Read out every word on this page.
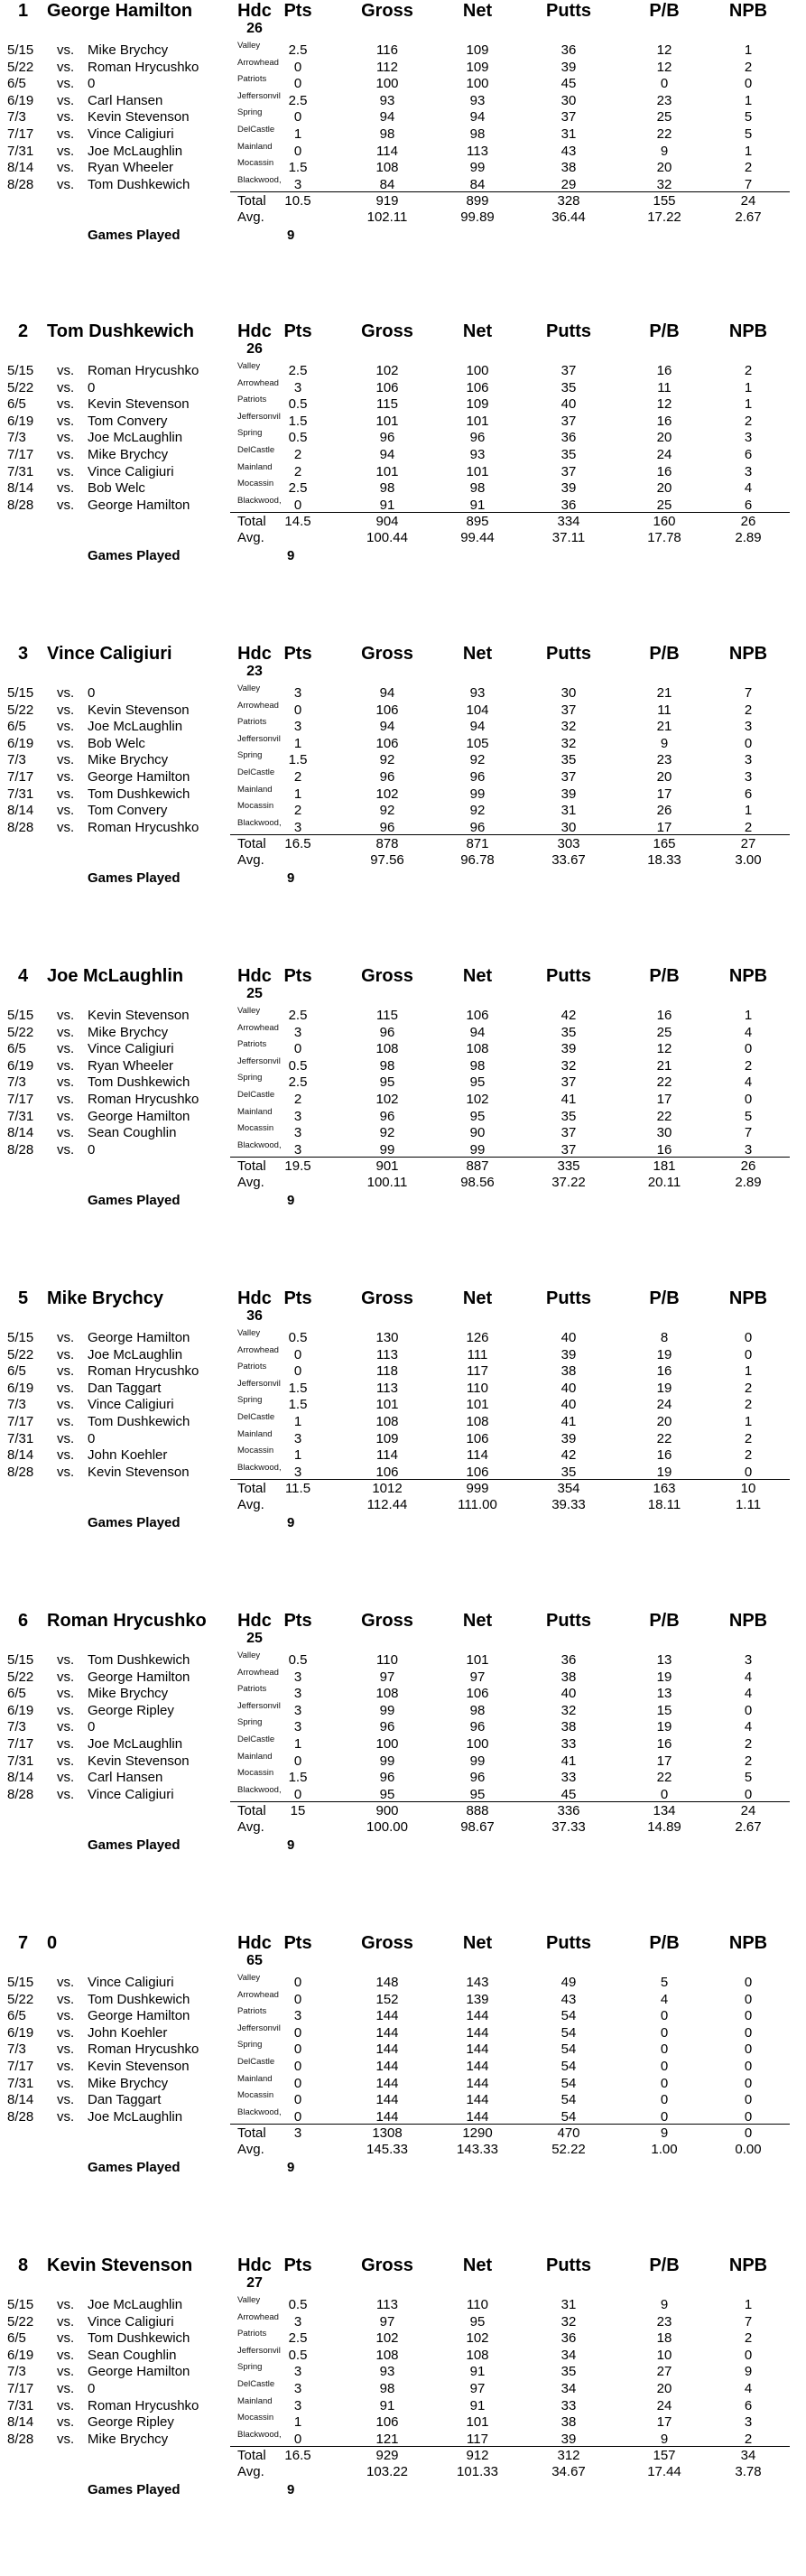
1 George Hamilton	Hdc
26
Pts	Gross	Net	Putts	P/B	NPB
5/15 vs. Mike Brychcy	Valley	2.5	116	109	36	12	1
5/22 vs. Roman Hrycushko	Arrowhead	0	112	109	39	12	2
6/5 vs. 0	Patriots	0	100	100	45	0	0
6/19 vs. Carl Hansen	Jeffersonvil 2.5	93	93	30	23	1
7/3 vs. Kevin Stevenson	Spring	0	94	94	37	25	5
7/17 vs. Vince Caligiuri	DelCastle	1	98	98	31	22	5
7/31 vs. Joe McLaughlin	Mainland	0	114	113	43	9	1
8/14 vs. Ryan Wheeler	Mocassin	1.5	108	99	38	20	2
8/28 vs. Tom Dushkewich	Blackwood, 3	84	84	29	32	7
Total	10.5	919	899	328	155	24
Avg.	102.11	99.89	36.44	17.22	2.67
Games Played	9
2 Tom Dushkewich	Hdc
26
Pts	Gross	Net	Putts	P/B	NPB
5/15 vs. Roman Hrycushko	Valley	2.5	102	100	37	16	2
5/22 vs. 0	Arrowhead	3	106	106	35	11	1
6/5 vs. Kevin Stevenson	Patriots	0.5	115	109	40	12	1
6/19 vs. Tom Convery	Jeffersonvil 1.5	101	101	37	16	2
7/3 vs. Joe McLaughlin	Spring	0.5	96	96	36	20	3
7/17 vs. Mike Brychcy	DelCastle	2	94	93	35	24	6
7/31 vs. Vince Caligiuri	Mainland	2	101	101	37	16	3
8/14 vs. Bob Welc	Mocassin	2.5	98	98	39	20	4
8/28 vs. George Hamilton	Blackwood, 0	91	91	36	25	6
Total	14.5	904	895	334	160	26
Avg.	100.44	99.44	37.11	17.78	2.89
Games Played	9
3 Vince Caligiuri	Hdc
23
Pts	Gross	Net	Putts	P/B	NPB
5/15 vs. 0	Valley	3	94	93	30	21	7
5/22 vs. Kevin Stevenson	Arrowhead	0	106	104	37	11	2
6/5 vs. Joe McLaughlin	Patriots	3	94	94	32	21	3
6/19 vs. Bob Welc	Jeffersonvil 1	106	105	32	9	0
7/3 vs. Mike Brychcy	Spring	1.5	92	92	35	23	3
7/17 vs. George Hamilton	DelCastle	2	96	96	37	20	3
7/31 vs. Tom Dushkewich	Mainland	1	102	99	39	17	6
8/14 vs. Tom Convery	Mocassin	2	92	92	31	26	1
8/28 vs. Roman Hrycushko	Blackwood, 3	96	96	30	17	2
Total	16.5	878	871	303	165	27
Avg.	97.56	96.78	33.67	18.33	3.00
Games Played	9
4 Joe McLaughlin	Hdc
25
Pts	Gross	Net	Putts	P/B	NPB
5/15 vs. Kevin Stevenson	Valley	2.5	115	106	42	16	1
5/22 vs. Mike Brychcy	Arrowhead	3	96	94	35	25	4
6/5 vs. Vince Caligiuri	Patriots	0	108	108	39	12	0
6/19 vs. Ryan Wheeler	Jeffersonvil 0.5	98	98	32	21	2
7/3 vs. Tom Dushkewich	Spring	2.5	95	95	37	22	4
7/17 vs. Roman Hrycushko	DelCastle	2	102	102	41	17	0
7/31 vs. George Hamilton	Mainland	3	96	95	35	22	5
8/14 vs. Sean Coughlin	Mocassin	3	92	90	37	30	7
8/28 vs. 0	Blackwood, 3	99	99	37	16	3
Total	19.5	901	887	335	181	26
Avg.	100.11	98.56	37.22	20.11	2.89
Games Played	9
5 Mike Brychcy	Hdc
36
Pts	Gross	Net	Putts	P/B	NPB
5/15 vs. George Hamilton	Valley	0.5	130	126	40	8	0
5/22 vs. Joe McLaughlin	Arrowhead	0	113	111	39	19	0
6/5 vs. Roman Hrycushko	Patriots	0	118	117	38	16	1
6/19 vs. Dan Taggart	Jeffersonvil 1.5	113	110	40	19	2
7/3 vs. Vince Caligiuri	Spring	1.5	101	101	40	24	2
7/17 vs. Tom Dushkewich	DelCastle	1	108	108	41	20	1
7/31 vs. 0	Mainland	3	109	106	39	22	2
8/14 vs. John Koehler	Mocassin	1	114	114	42	16	2
8/28 vs. Kevin Stevenson	Blackwood, 3	106	106	35	19	0
Total	11.5	1012	999	354	163	10
Avg.	112.44	111.00	39.33	18.11	1.11
Games Played	9
6 Roman Hrycushko	Hdc
25
Pts	Gross	Net	Putts	P/B	NPB
5/15 vs. Tom Dushkewich	Valley	0.5	110	101	36	13	3
5/22 vs. George Hamilton	Arrowhead	3	97	97	38	19	4
6/5 vs. Mike Brychcy	Patriots	3	108	106	40	13	4
6/19 vs. George Ripley	Jeffersonvil 3	99	98	32	15	0
7/3 vs. 0	Spring	3	96	96	38	19	4
7/17 vs. Joe McLaughlin	DelCastle	1	100	100	33	16	2
7/31 vs. Kevin Stevenson	Mainland	0	99	99	41	17	2
8/14 vs. Carl Hansen	Mocassin	1.5	96	96	33	22	5
8/28 vs. Vince Caligiuri	Blackwood, 0	95	95	45	0	0
Total	15	900	888	336	134	24
Avg.	100.00	98.67	37.33	14.89	2.67
Games Played	9
7 0	Hdc
65
Pts	Gross	Net	Putts	P/B	NPB
5/15 vs. Vince Caligiuri	Valley	0	148	143	49	5	0
5/22 vs. Tom Dushkewich	Arrowhead	0	152	139	43	4	0
6/5 vs. George Hamilton	Patriots	3	144	144	54	0	0
6/19 vs. John Koehler	Jeffersonvil 0	144	144	54	0	0
7/3 vs. Roman Hrycushko	Spring	0	144	144	54	0	0
7/17 vs. Kevin Stevenson	DelCastle	0	144	144	54	0	0
7/31 vs. Mike Brychcy	Mainland	0	144	144	54	0	0
8/14 vs. Dan Taggart	Mocassin	0	144	144	54	0	0
8/28 vs. Joe McLaughlin	Blackwood, 0	144	144	54	0	0
Total	3	1308	1290	470	9	0
Avg.	145.33	143.33	52.22	1.00	0.00
Games Played	9
8 Kevin Stevenson	Hdc
27
Pts	Gross	Net	Putts	P/B	NPB
5/15 vs. Joe McLaughlin	Valley	0.5	113	110	31	9	1
5/22 vs. Vince Caligiuri	Arrowhead	3	97	95	32	23	7
6/5 vs. Tom Dushkewich	Patriots	2.5	102	102	36	18	2
6/19 vs. Sean Coughlin	Jeffersonvil 0.5	108	108	34	10	0
7/3 vs. George Hamilton	Spring	3	93	91	35	27	9
7/17 vs. 0	DelCastle	3	98	97	34	20	4
7/31 vs. Roman Hrycushko	Mainland	3	91	91	33	24	6
8/14 vs. George Ripley	Mocassin	1	106	101	38	17	3
8/28 vs. Mike Brychcy	Blackwood, 0	121	117	39	9	2
Total	16.5	929	912	312	157	34
Avg.	103.22	101.33	34.67	17.44	3.78
Games Played	9
